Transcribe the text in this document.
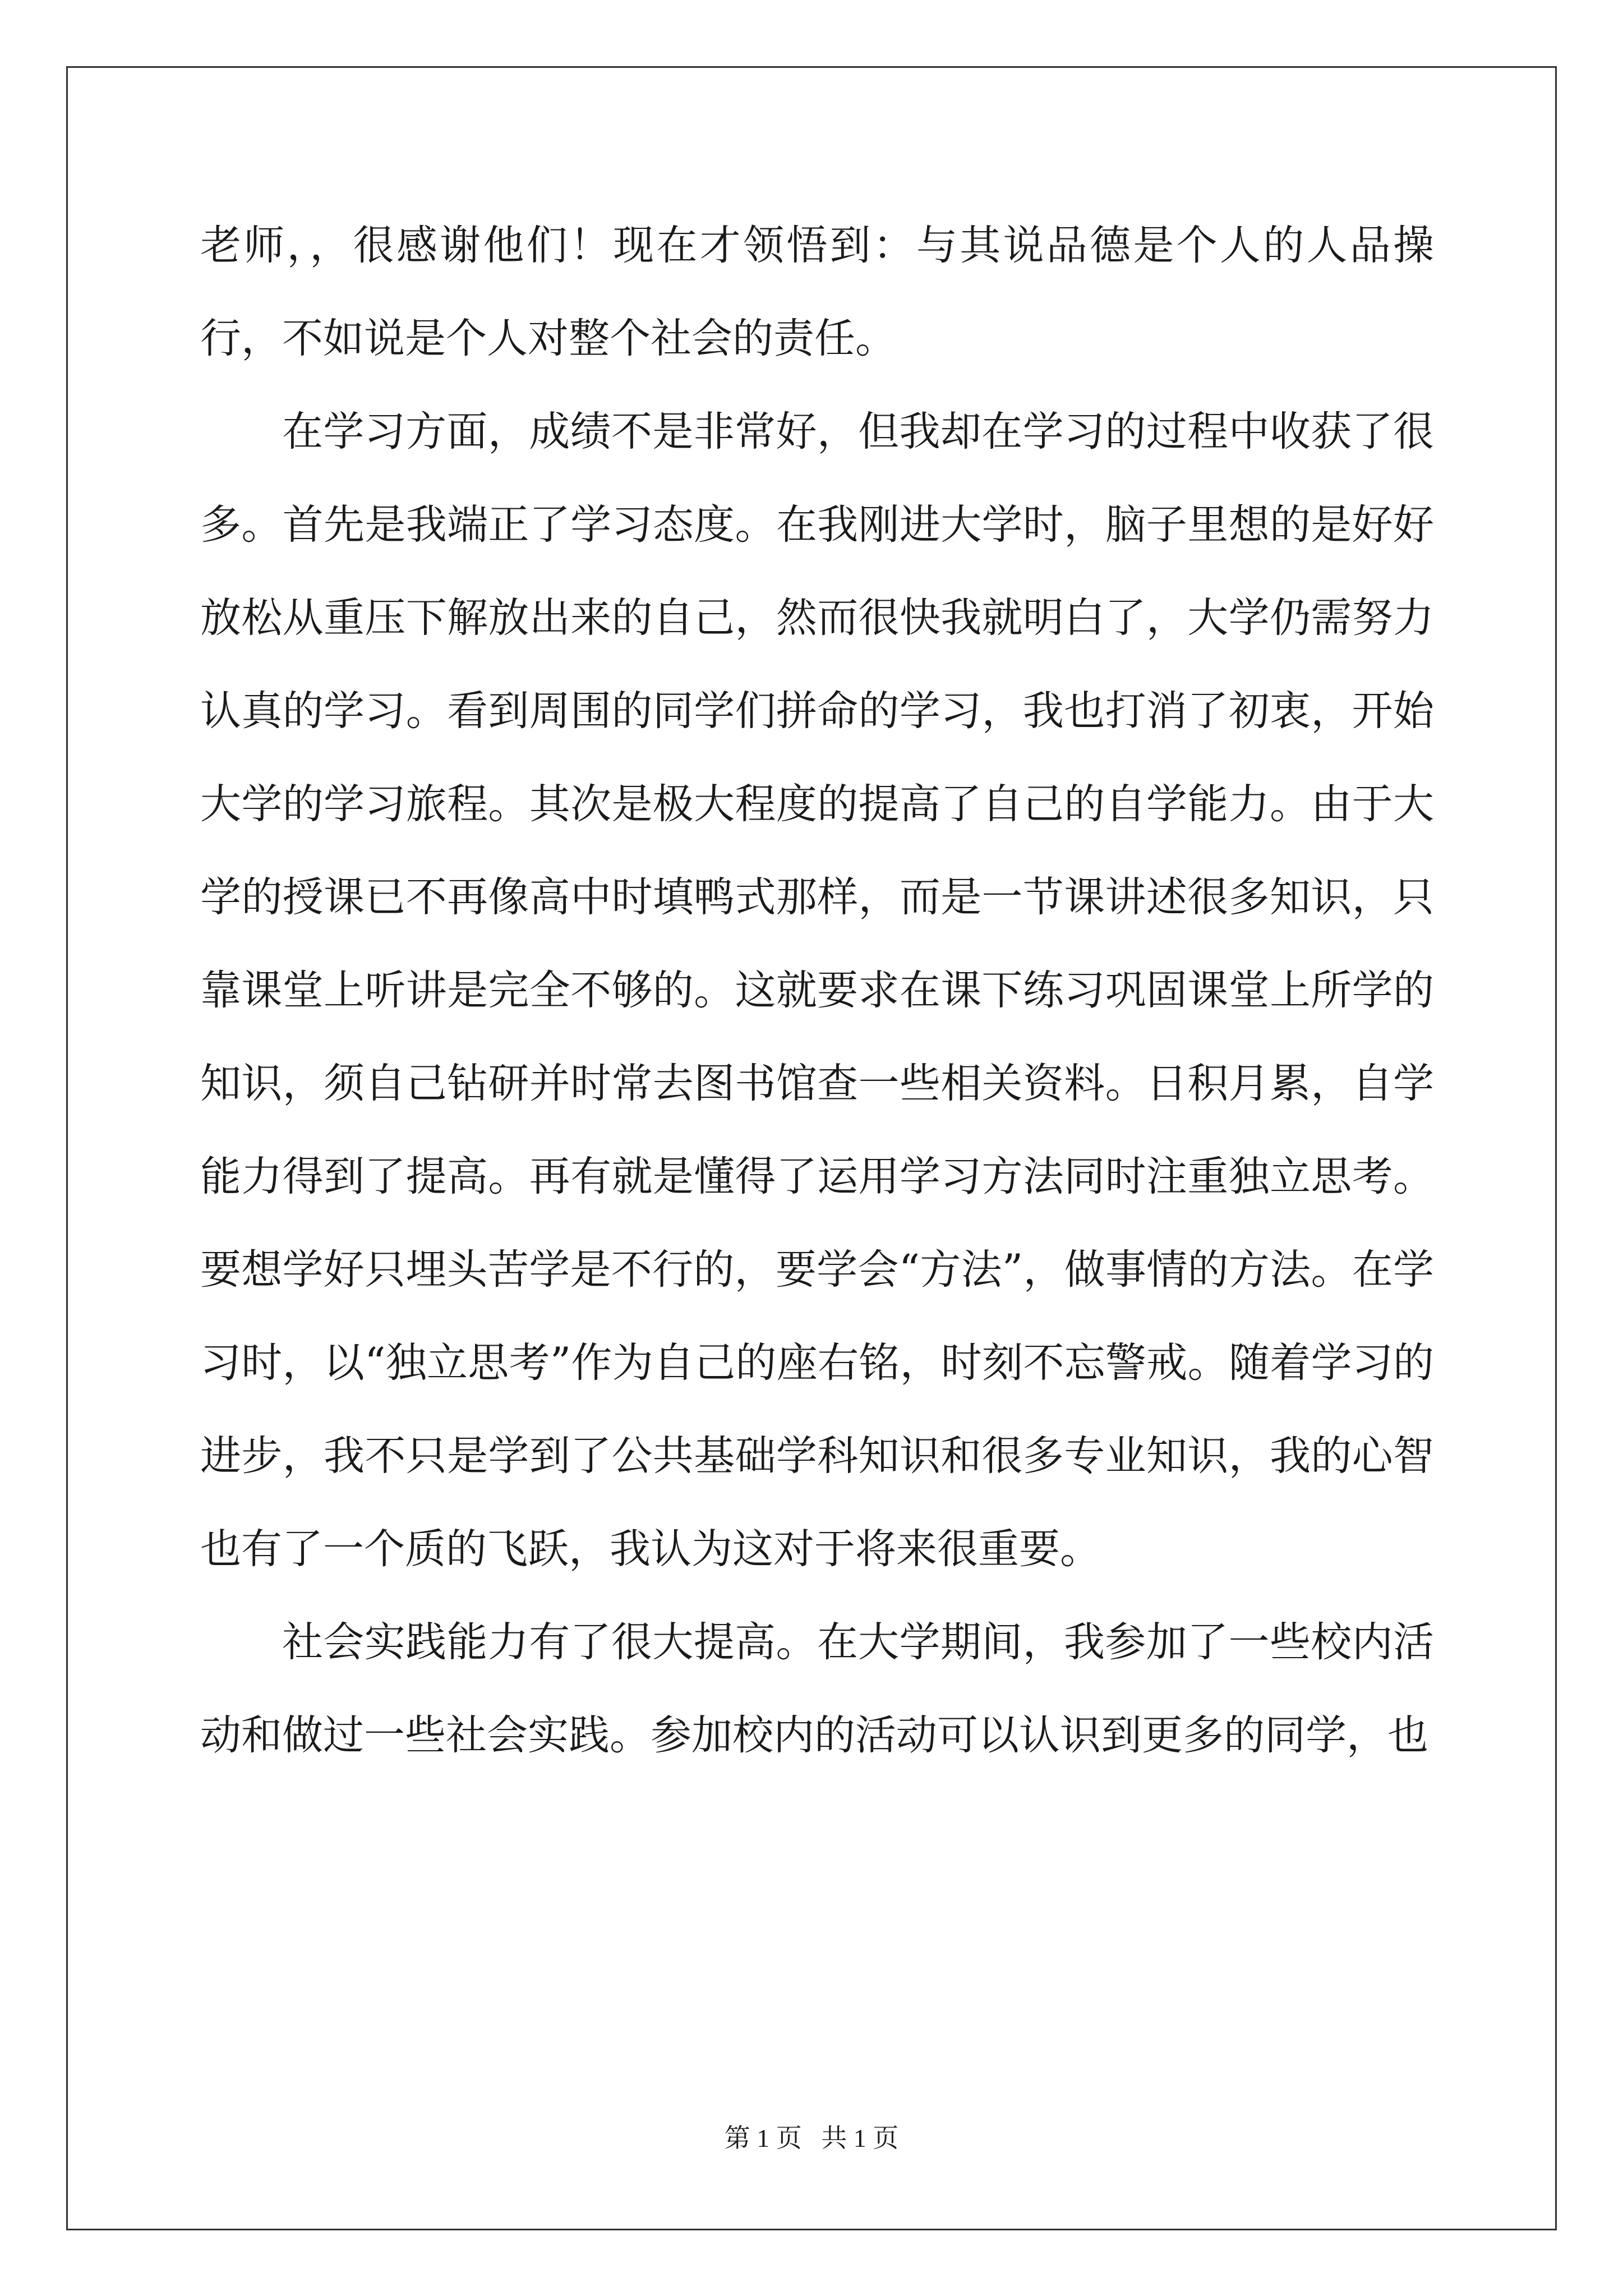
老师，，很感谢他们！现在才领悟到：与其说品德是个人的人品操行，不如说是个人对整个社会的责任。

在学习方面，成绩不是非常好，但我却在学习的过程中收获了很多。首先是我端正了学习态度。在我刚进大学时，脑子里想的是好好放松从重压下解放出来的自己，然而很快我就明白了，大学仍需努力认真的学习。看到周围的同学们拼命的学习，我也打消了初衷，开始大学的学习旅程。其次是极大程度的提高了自己的自学能力。由于大学的授课已不再像高中时填鸭式那样，而是一节课讲述很多知识，只靠课堂上听讲是完全不够的。这就要求在课下练习巩固课堂上所学的知识，须自己钻研并时常去图书馆查一些相关资料。日积月累，自学能力得到了提高。再有就是懂得了运用学习方法同时注重独立思考。要想学好只埋头苦学是不行的，要学会“方法”，做事情的方法。在学习时，以“独立思考”作为自己的座右铭，时刻不忘警戒。随着学习的进步，我不只是学到了公共基础学科知识和很多专业知识，我的心智也有了一个质的飞跃，我认为这对于将来很重要。

社会实践能力有了很大提高。在大学期间，我参加了一些校内活动和做过一些社会实践。参加校内的活动可以认识到更多的同学，也

第 1 页   共 1 页
